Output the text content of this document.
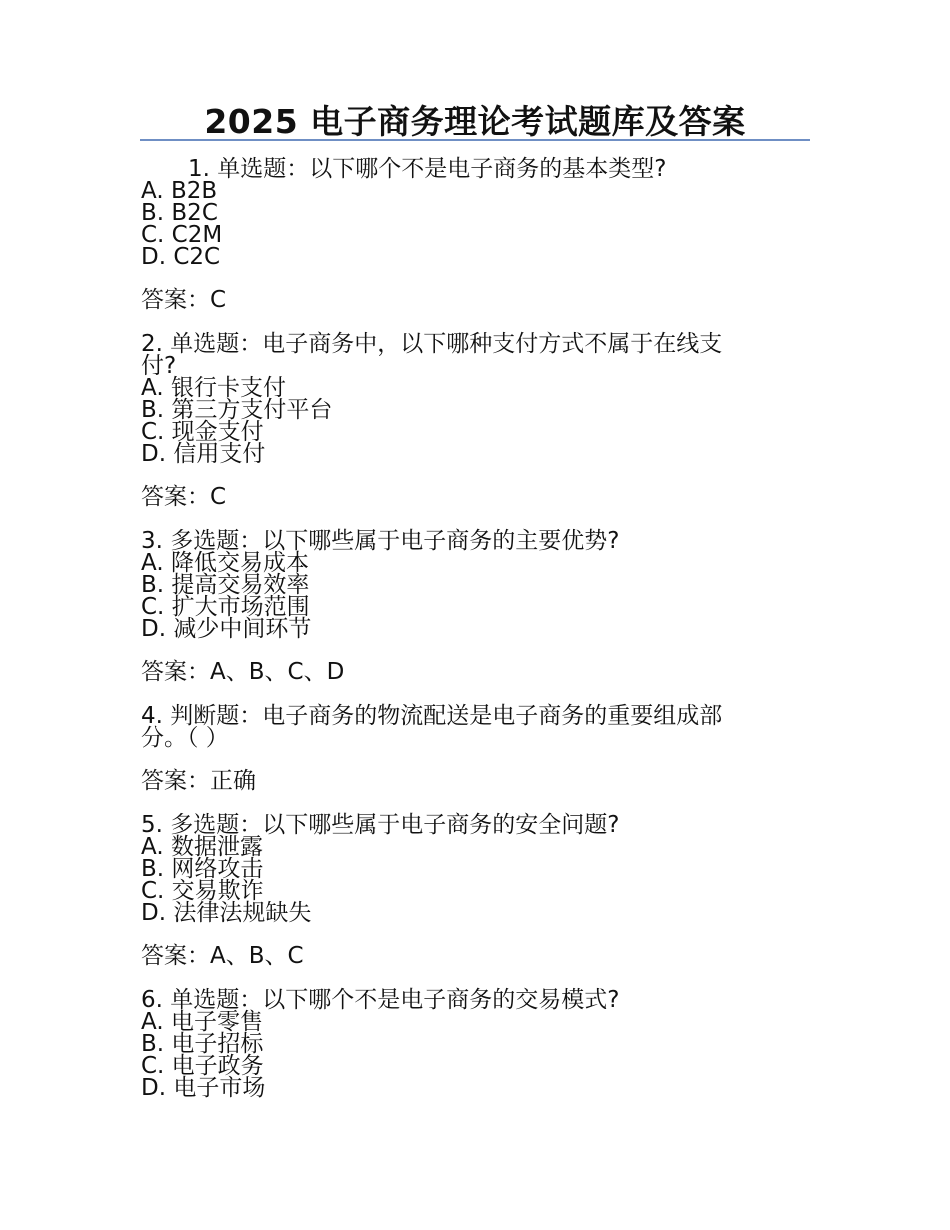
2025 电子商务理论考试题库及答案
1. 单选题：以下哪个不是电子商务的基本类型?
A. B2B
B. B2C
C. C2M
D. C2C
答案：C
2. 单选题：电子商务中，以下哪种支付方式不属于在线支
付?
A. 银行卡支付
B. 第三方支付平台
C. 现金支付
D. 信用支付
答案：C
3. 多选题：以下哪些属于电子商务的主要优势?
A. 降低交易成本
B. 提高交易效率
C. 扩大市场范围
D. 减少中间环节
答案：A、B、C、D
4. 判断题：电子商务的物流配送是电子商务的重要组成部
分。（ ）
答案：正确
5. 多选题：以下哪些属于电子商务的安全问题?
A. 数据泄露
B. 网络攻击
C. 交易欺诈
D. 法律法规缺失
答案：A、B、C
6. 单选题：以下哪个不是电子商务的交易模式?
A. 电子零售
B. 电子招标
C. 电子政务
D. 电子市场
